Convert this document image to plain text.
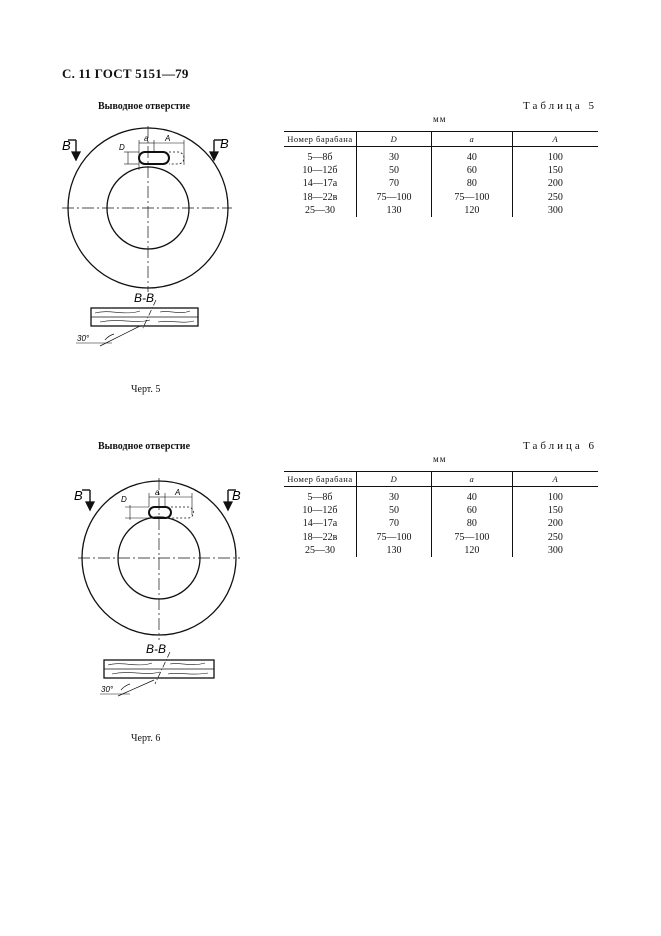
С. 11 ГОСТ 5151—79
Выводное отверстие	Таблица 5
мм
Номер барабана	D	a	A

5—8б	30	40	100
10—12б	50	60	150
14—17а	70	80	200
18—22в	75—100	75—100	250
25—30	130	120	300
B	B
D
a A
B-B
30°
Черт. 5
Выводное отверстие	Таблица 6
мм
Номер барабана	D	a	A

5—8б	30	40	100
10—12б	50	60	150
14—17а	70	80	200
18—22в	75—100	75—100	250
25—30	130	120	300
B	B
D
a A
B-B
30°
Черт. 6
